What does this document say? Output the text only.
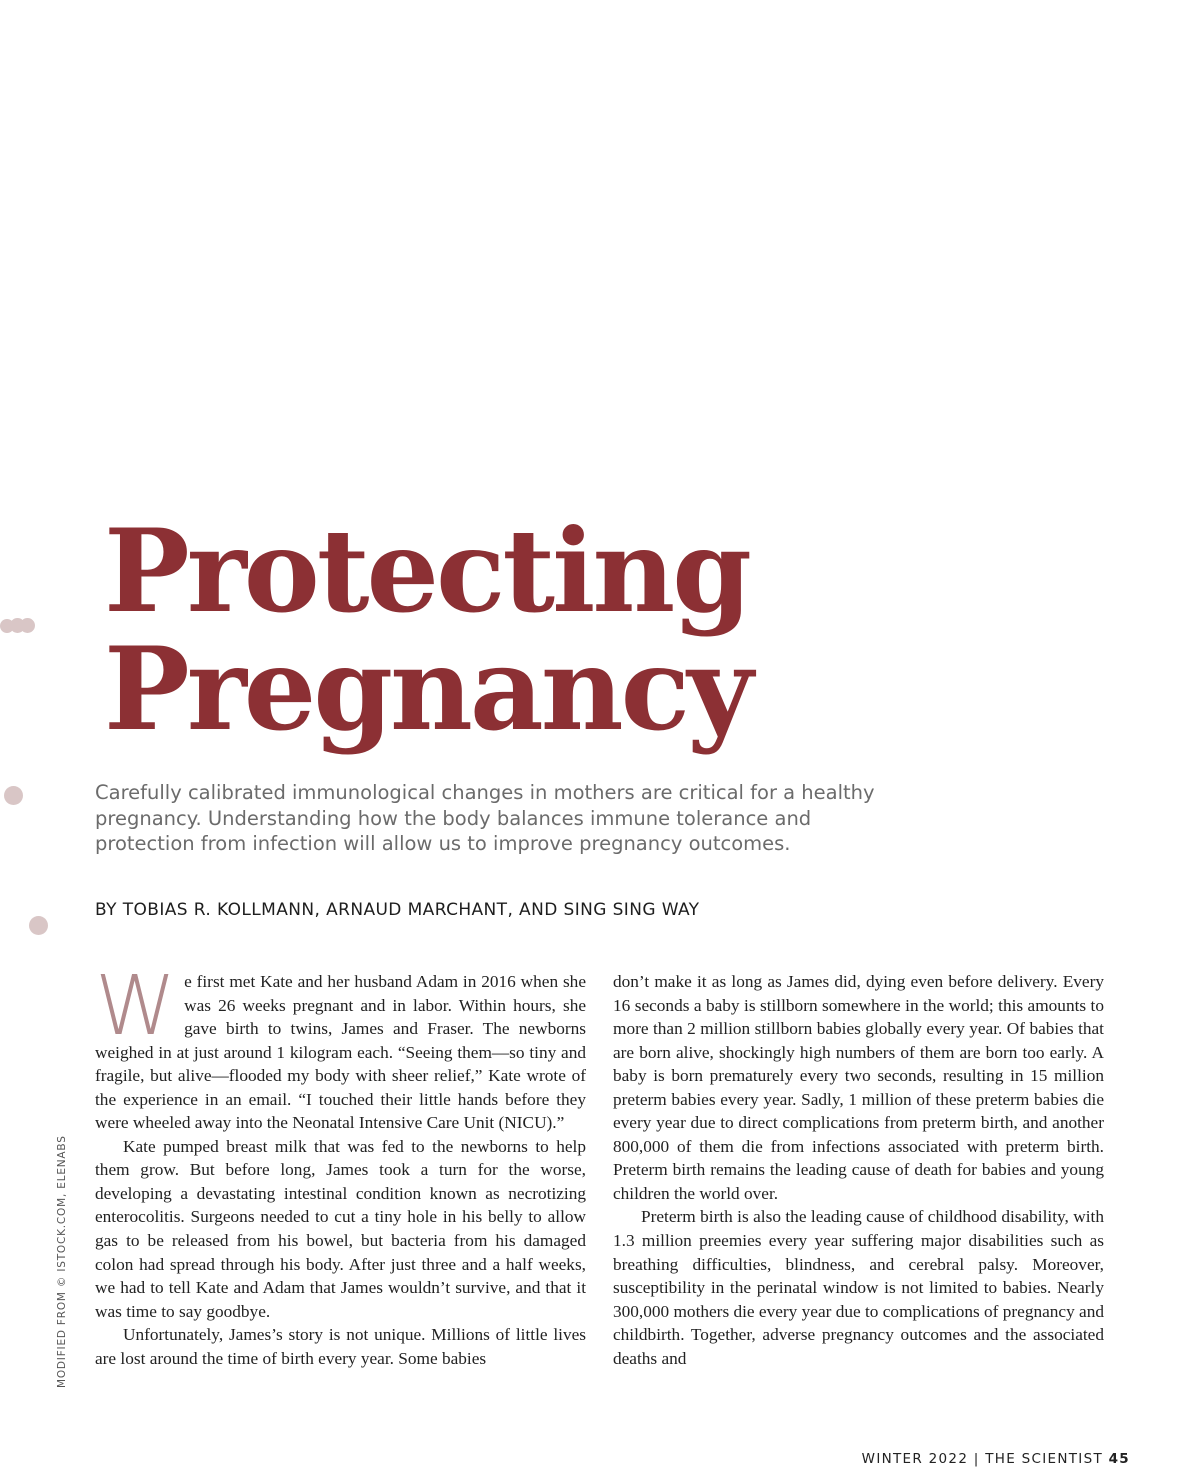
Protecting
Pregnancy

Carefully calibrated immunological changes in mothers are critical for a healthy pregnancy. Understanding how the body balances immune tolerance and protection from infection will allow us to improve pregnancy outcomes.

BY TOBIAS R. KOLLMANN, ARNAUD MARCHANT, AND SING SING WAY

MODIFIED FROM © ISTOCK.COM, ELENABS

We first met Kate and her husband Adam in 2016 when she was 26 weeks pregnant and in labor. Within hours, she gave birth to twins, James and Fraser. The newborns weighed in at just around 1 kilogram each. “Seeing them—so tiny and fragile, but alive—flooded my body with sheer relief,” Kate wrote of the experience in an email. “I touched their little hands before they were wheeled away into the Neonatal Intensive Care Unit (NICU).”

Kate pumped breast milk that was fed to the newborns to help them grow. But before long, James took a turn for the worse, developing a devastating intestinal condition known as necrotizing enterocolitis. Surgeons needed to cut a tiny hole in his belly to allow gas to be released from his bowel, but bacteria from his damaged colon had spread through his body. After just three and a half weeks, we had to tell Kate and Adam that James wouldn’t survive, and that it was time to say goodbye.

Unfortunately, James’s story is not unique. Millions of little lives are lost around the time of birth every year. Some babies

don’t make it as long as James did, dying even before delivery. Every 16 seconds a baby is stillborn somewhere in the world; this amounts to more than 2 million stillborn babies globally every year. Of babies that are born alive, shockingly high numbers of them are born too early. A baby is born prematurely every two seconds, resulting in 15 million preterm babies every year. Sadly, 1 million of these preterm babies die every year due to direct complications from preterm birth, and another 800,000 of them die from infections associated with preterm birth. Preterm birth remains the leading cause of death for babies and young children the world over.

Preterm birth is also the leading cause of childhood disability, with 1.3 million preemies every year suffering major disabilities such as breathing difficulties, blindness, and cerebral palsy. Moreover, susceptibility in the perinatal window is not limited to babies. Nearly 300,000 mothers die every year due to complications of pregnancy and childbirth. Together, adverse pregnancy outcomes and the associated deaths and

WINTER 2022 | THE SCIENTIST 45
